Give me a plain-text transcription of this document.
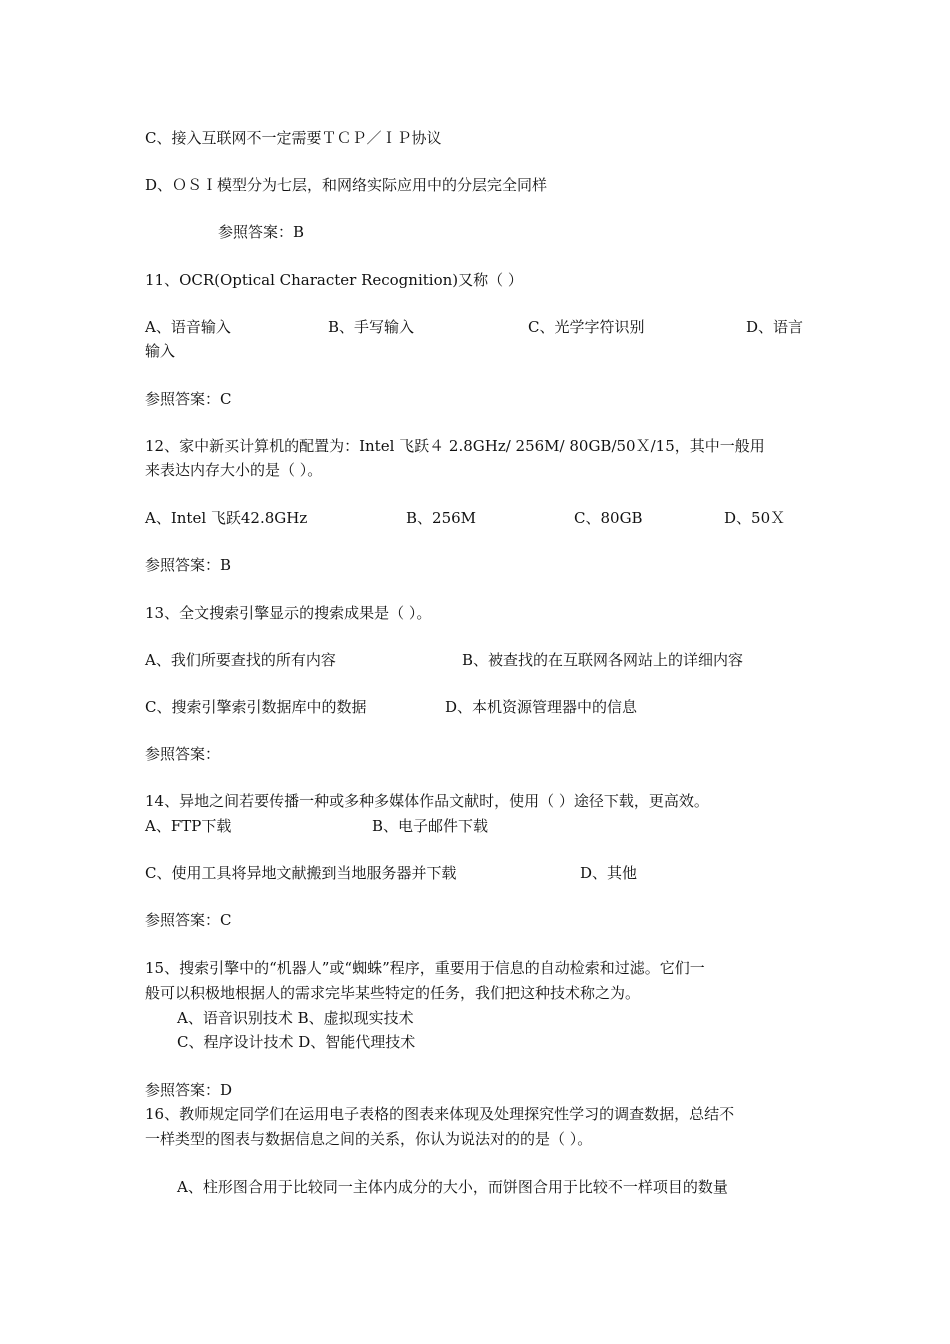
C、接入互联网不一定需要ＴＣＰ／ＩＰ协议
D、ＯＳＩ模型分为七层，和网络实际应用中的分层完全同样
参照答案：B
11、OCR(Optical Character Recognition)又称（ ）
A、语音输入	B、手写输入	C、光学字符识别	D、语言
输入
参照答案：C
12、家中新买计算机的配置为：Intel 飞跃４ 2.8GHz/ 256M/ 80GB/50Ｘ/15，其中一般用
来表达内存大小的是（ ）。
A、Intel 飞跃42.8GHz	B、256M	C、80GB	D、50Ｘ
参照答案：B
13、全文搜索引擎显示的搜索成果是（ ）。
A、我们所要查找的所有内容	B、被查找的在互联网各网站上的详细内容
C、搜索引擎索引数据库中的数据	D、本机资源管理器中的信息
参照答案：
14、异地之间若要传播一种或多种多媒体作品文献时，使用（ ）途径下载，更高效。
A、FTP下载	B、电子邮件下载
C、使用工具将异地文献搬到当地服务器并下载	D、其他
参照答案：C
15、搜索引擎中的“机器人”或“蜘蛛”程序，重要用于信息的自动检索和过滤。它们一
般可以积极地根据人的需求完毕某些特定的任务，我们把这种技术称之为。
A、语音识别技术 B、虚拟现实技术
C、程序设计技术 D、智能代理技术
参照答案：D
16、教师规定同学们在运用电子表格的图表来体现及处理探究性学习的调查数据，总结不
一样类型的图表与数据信息之间的关系，你认为说法对的的是（ ）。
A、柱形图合用于比较同一主体内成分的大小，而饼图合用于比较不一样项目的数量
